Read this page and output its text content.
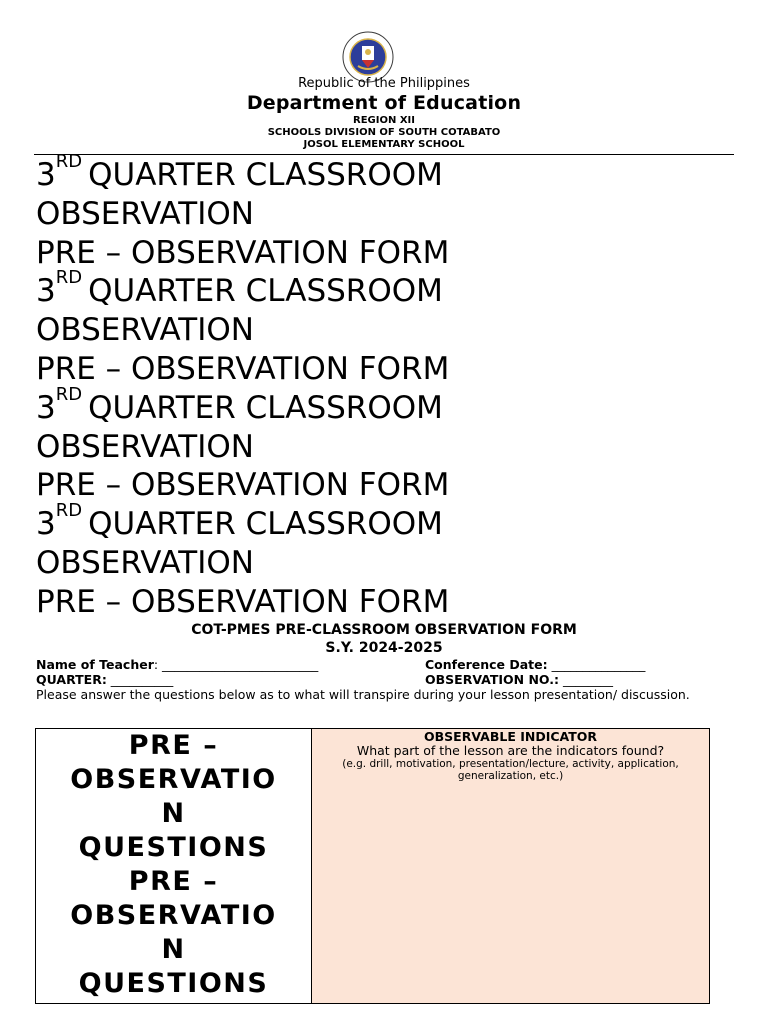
Republic of the Philippines
Department of Education
REGION XII
SCHOOLS DIVISION OF SOUTH COTABATO
JOSOL ELEMENTARY SCHOOL
3RD QUARTER CLASSROOM
OBSERVATION
PRE – OBSERVATION FORM
3RD QUARTER CLASSROOM
OBSERVATION
PRE – OBSERVATION FORM
3RD QUARTER CLASSROOM
OBSERVATION
PRE – OBSERVATION FORM
3RD QUARTER CLASSROOM
OBSERVATION
PRE – OBSERVATION FORM
COT-PMES PRE-CLASSROOM OBSERVATION FORM
S.Y. 2024-2025
Name of Teacher: _________________________	Conference Date: _______________
QUARTER: __________	OBSERVATION NO.: ________
Please answer the questions below as to what will transpire during your lesson presentation/ discussion.
PRE –
OBSERVATIO
N
QUESTIONS
PRE –
OBSERVATIO
N
QUESTIONS
OBSERVABLE INDICATOR
What part of the lesson are the indicators found?
(e.g. drill, motivation, presentation/lecture, activity, application, generalization, etc.)
